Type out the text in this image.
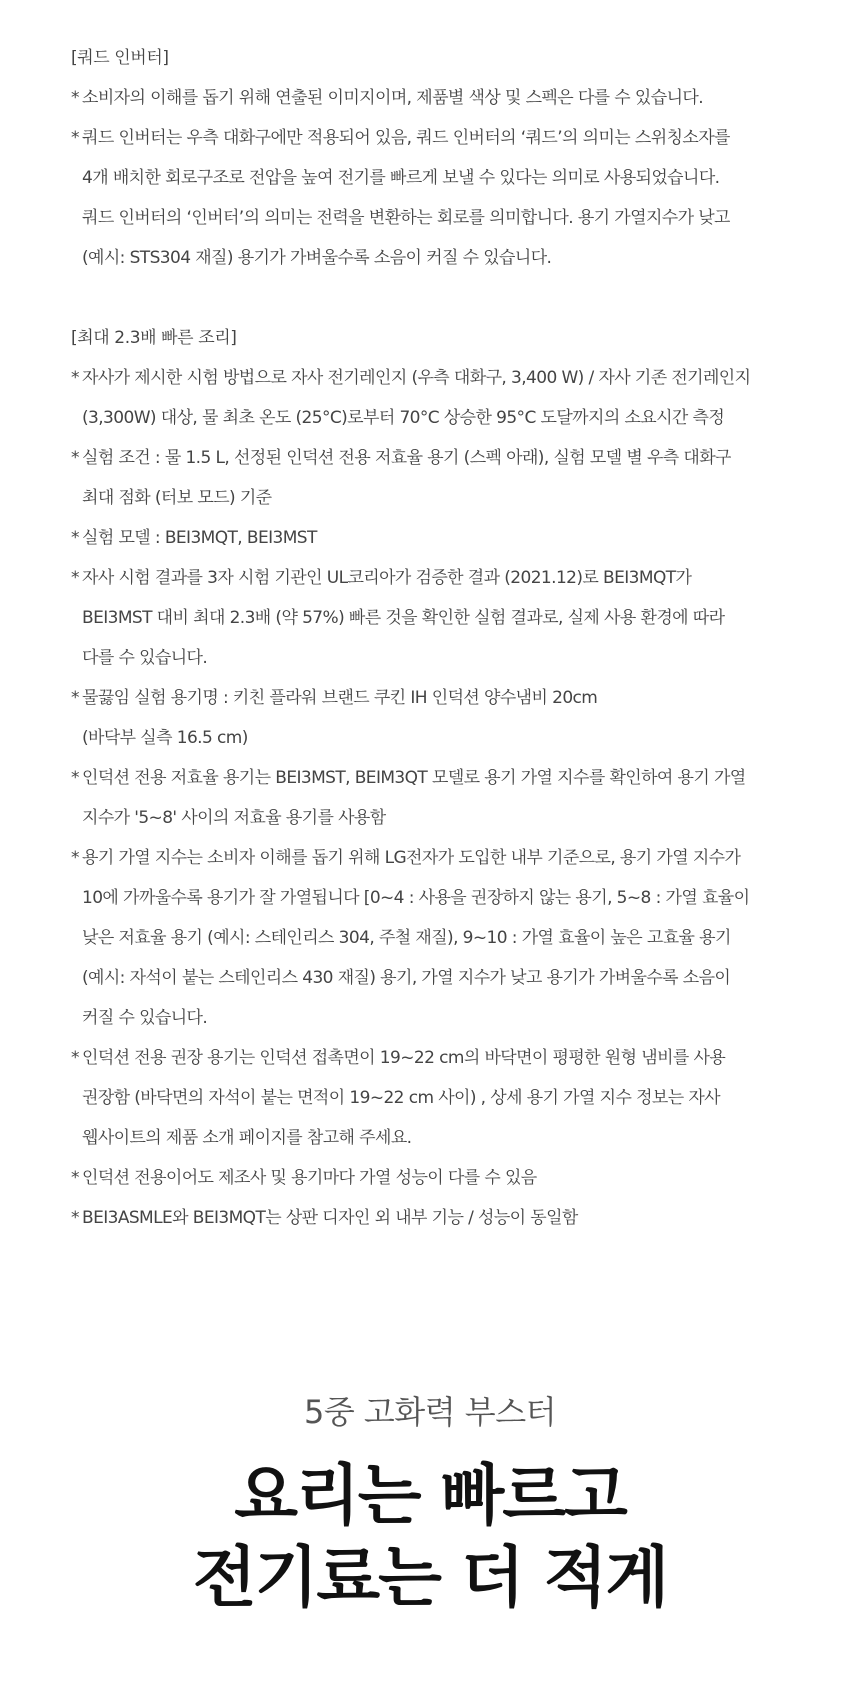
[쿼드 인버터]
* 소비자의 이해를 돕기 위해 연출된 이미지이며, 제품별 색상 및 스펙은 다를 수 있습니다.
* 쿼드 인버터는 우측 대화구에만 적용되어 있음, 쿼드 인버터의 ‘쿼드’의 의미는 스위칭소자를
4개 배치한 회로구조로 전압을 높여 전기를 빠르게 보낼 수 있다는 의미로 사용되었습니다.
쿼드 인버터의 ‘인버터’의 의미는 전력을 변환하는 회로를 의미합니다. 용기 가열지수가 낮고
(예시: STS304 재질) 용기가 가벼울수록 소음이 커질 수 있습니다.
[최대 2.3배 빠른 조리]
* 자사가 제시한 시험 방법으로 자사 전기레인지 (우측 대화구, 3,400 W) / 자사 기존 전기레인지
(3,300W) 대상, 물 최초 온도 (25°C)로부터 70°C 상승한 95°C 도달까지의 소요시간 측정
* 실험 조건 : 물 1.5 L, 선정된 인덕션 전용 저효율 용기 (스펙 아래), 실험 모델 별 우측 대화구
최대 점화 (터보 모드) 기준
* 실험 모델 : BEI3MQT, BEI3MST
* 자사 시험 결과를 3자 시험 기관인 UL코리아가 검증한 결과 (2021.12)로 BEI3MQT가
BEI3MST 대비 최대 2.3배 (약 57%) 빠른 것을 확인한 실험 결과로, 실제 사용 환경에 따라
다를 수 있습니다.
* 물끓임 실험 용기명 : 키친 플라워 브랜드 쿠킨 IH 인덕션 양수냄비 20cm
(바닥부 실측 16.5 cm)
* 인덕션 전용 저효율 용기는 BEI3MST, BEIM3QT 모델로 용기 가열 지수를 확인하여 용기 가열
지수가 '5~8' 사이의 저효율 용기를 사용함
* 용기 가열 지수는 소비자 이해를 돕기 위해 LG전자가 도입한 내부 기준으로, 용기 가열 지수가
10에 가까울수록 용기가 잘 가열됩니다 [0~4 : 사용을 권장하지 않는 용기, 5~8 : 가열 효율이
낮은 저효율 용기 (예시: 스테인리스 304, 주철 재질), 9~10 : 가열 효율이 높은 고효율 용기
(예시: 자석이 붙는 스테인리스 430 재질) 용기, 가열 지수가 낮고 용기가 가벼울수록 소음이
커질 수 있습니다.
* 인덕션 전용 권장 용기는 인덕션 접촉면이 19~22 cm의 바닥면이 평평한 원형 냄비를 사용
권장함 (바닥면의 자석이 붙는 면적이 19~22 cm 사이) , 상세 용기 가열 지수 정보는 자사
웹사이트의 제품 소개 페이지를 참고해 주세요.
* 인덕션 전용이어도 제조사 및 용기마다 가열 성능이 다를 수 있음
* BEI3ASMLE와 BEI3MQT는 상판 디자인 외 내부 기능 / 성능이 동일함
5중 고화력 부스터
요리는 빠르고
전기료는 더 적게
